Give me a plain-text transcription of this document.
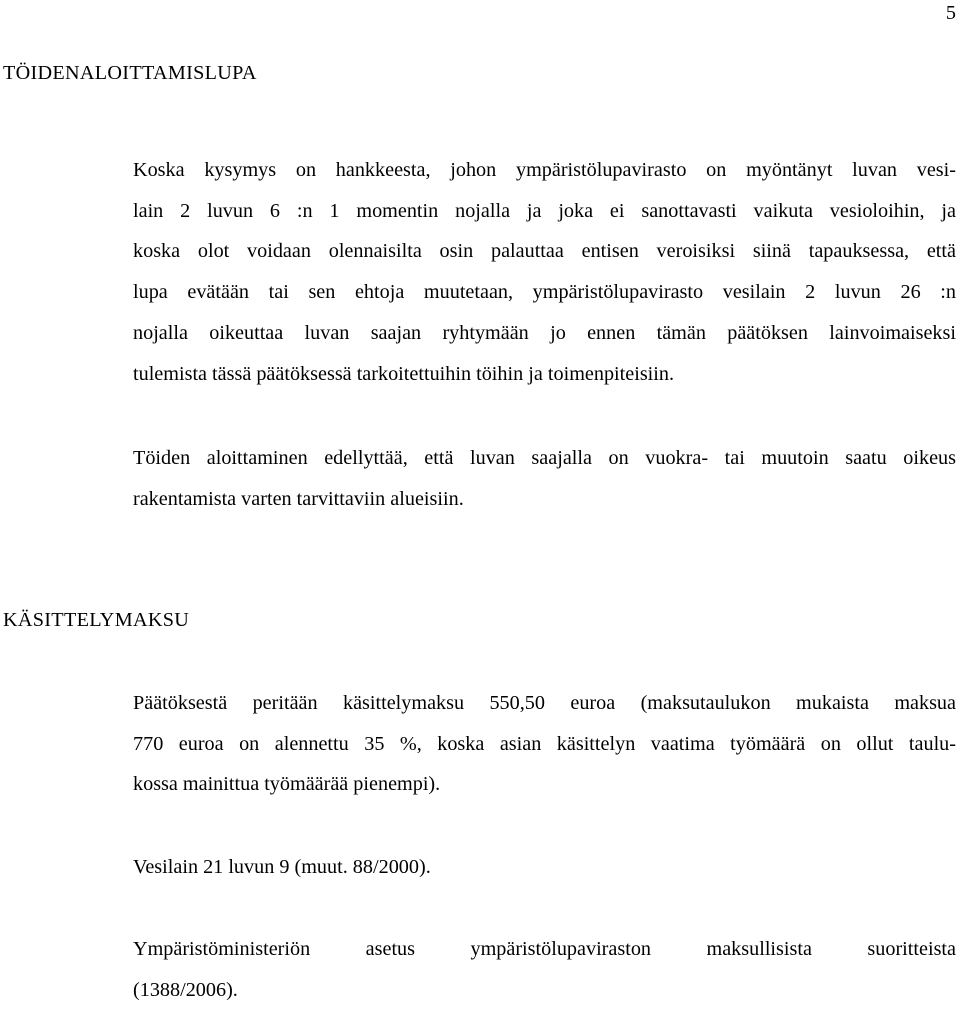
5
TÖIDENALOITTAMISLUPA

Koska kysymys on hankkeesta, johon ympäristölupavirasto on myöntänyt luvan vesi-
lain 2 luvun 6 :n 1 momentin nojalla ja joka ei sanottavasti vaikuta vesioloihin, ja
koska olot voidaan olennaisilta osin palauttaa entisen veroisiksi siinä tapauksessa, että
lupa evätään tai sen ehtoja muutetaan, ympäristölupavirasto vesilain 2 luvun 26 :n
nojalla oikeuttaa luvan saajan ryhtymään jo ennen tämän päätöksen lainvoimaiseksi
tulemista tässä päätöksessä tarkoitettuihin töihin ja toimenpiteisiin.

Töiden aloittaminen edellyttää, että luvan saajalla on vuokra- tai muutoin saatu oikeus
rakentamista varten tarvittaviin alueisiin.

KÄSITTELYMAKSU

Päätöksestä peritään käsittelymaksu 550,50 euroa (maksutaulukon mukaista maksua
770 euroa on alennettu 35 %, koska asian käsittelyn vaatima työmäärä on ollut taulu-
kossa mainittua työmäärää pienempi).

Vesilain 21 luvun 9 (muut. 88/2000).

Ympäristöministeriön asetus ympäristölupaviraston maksullisista suoritteista
(1388/2006).
